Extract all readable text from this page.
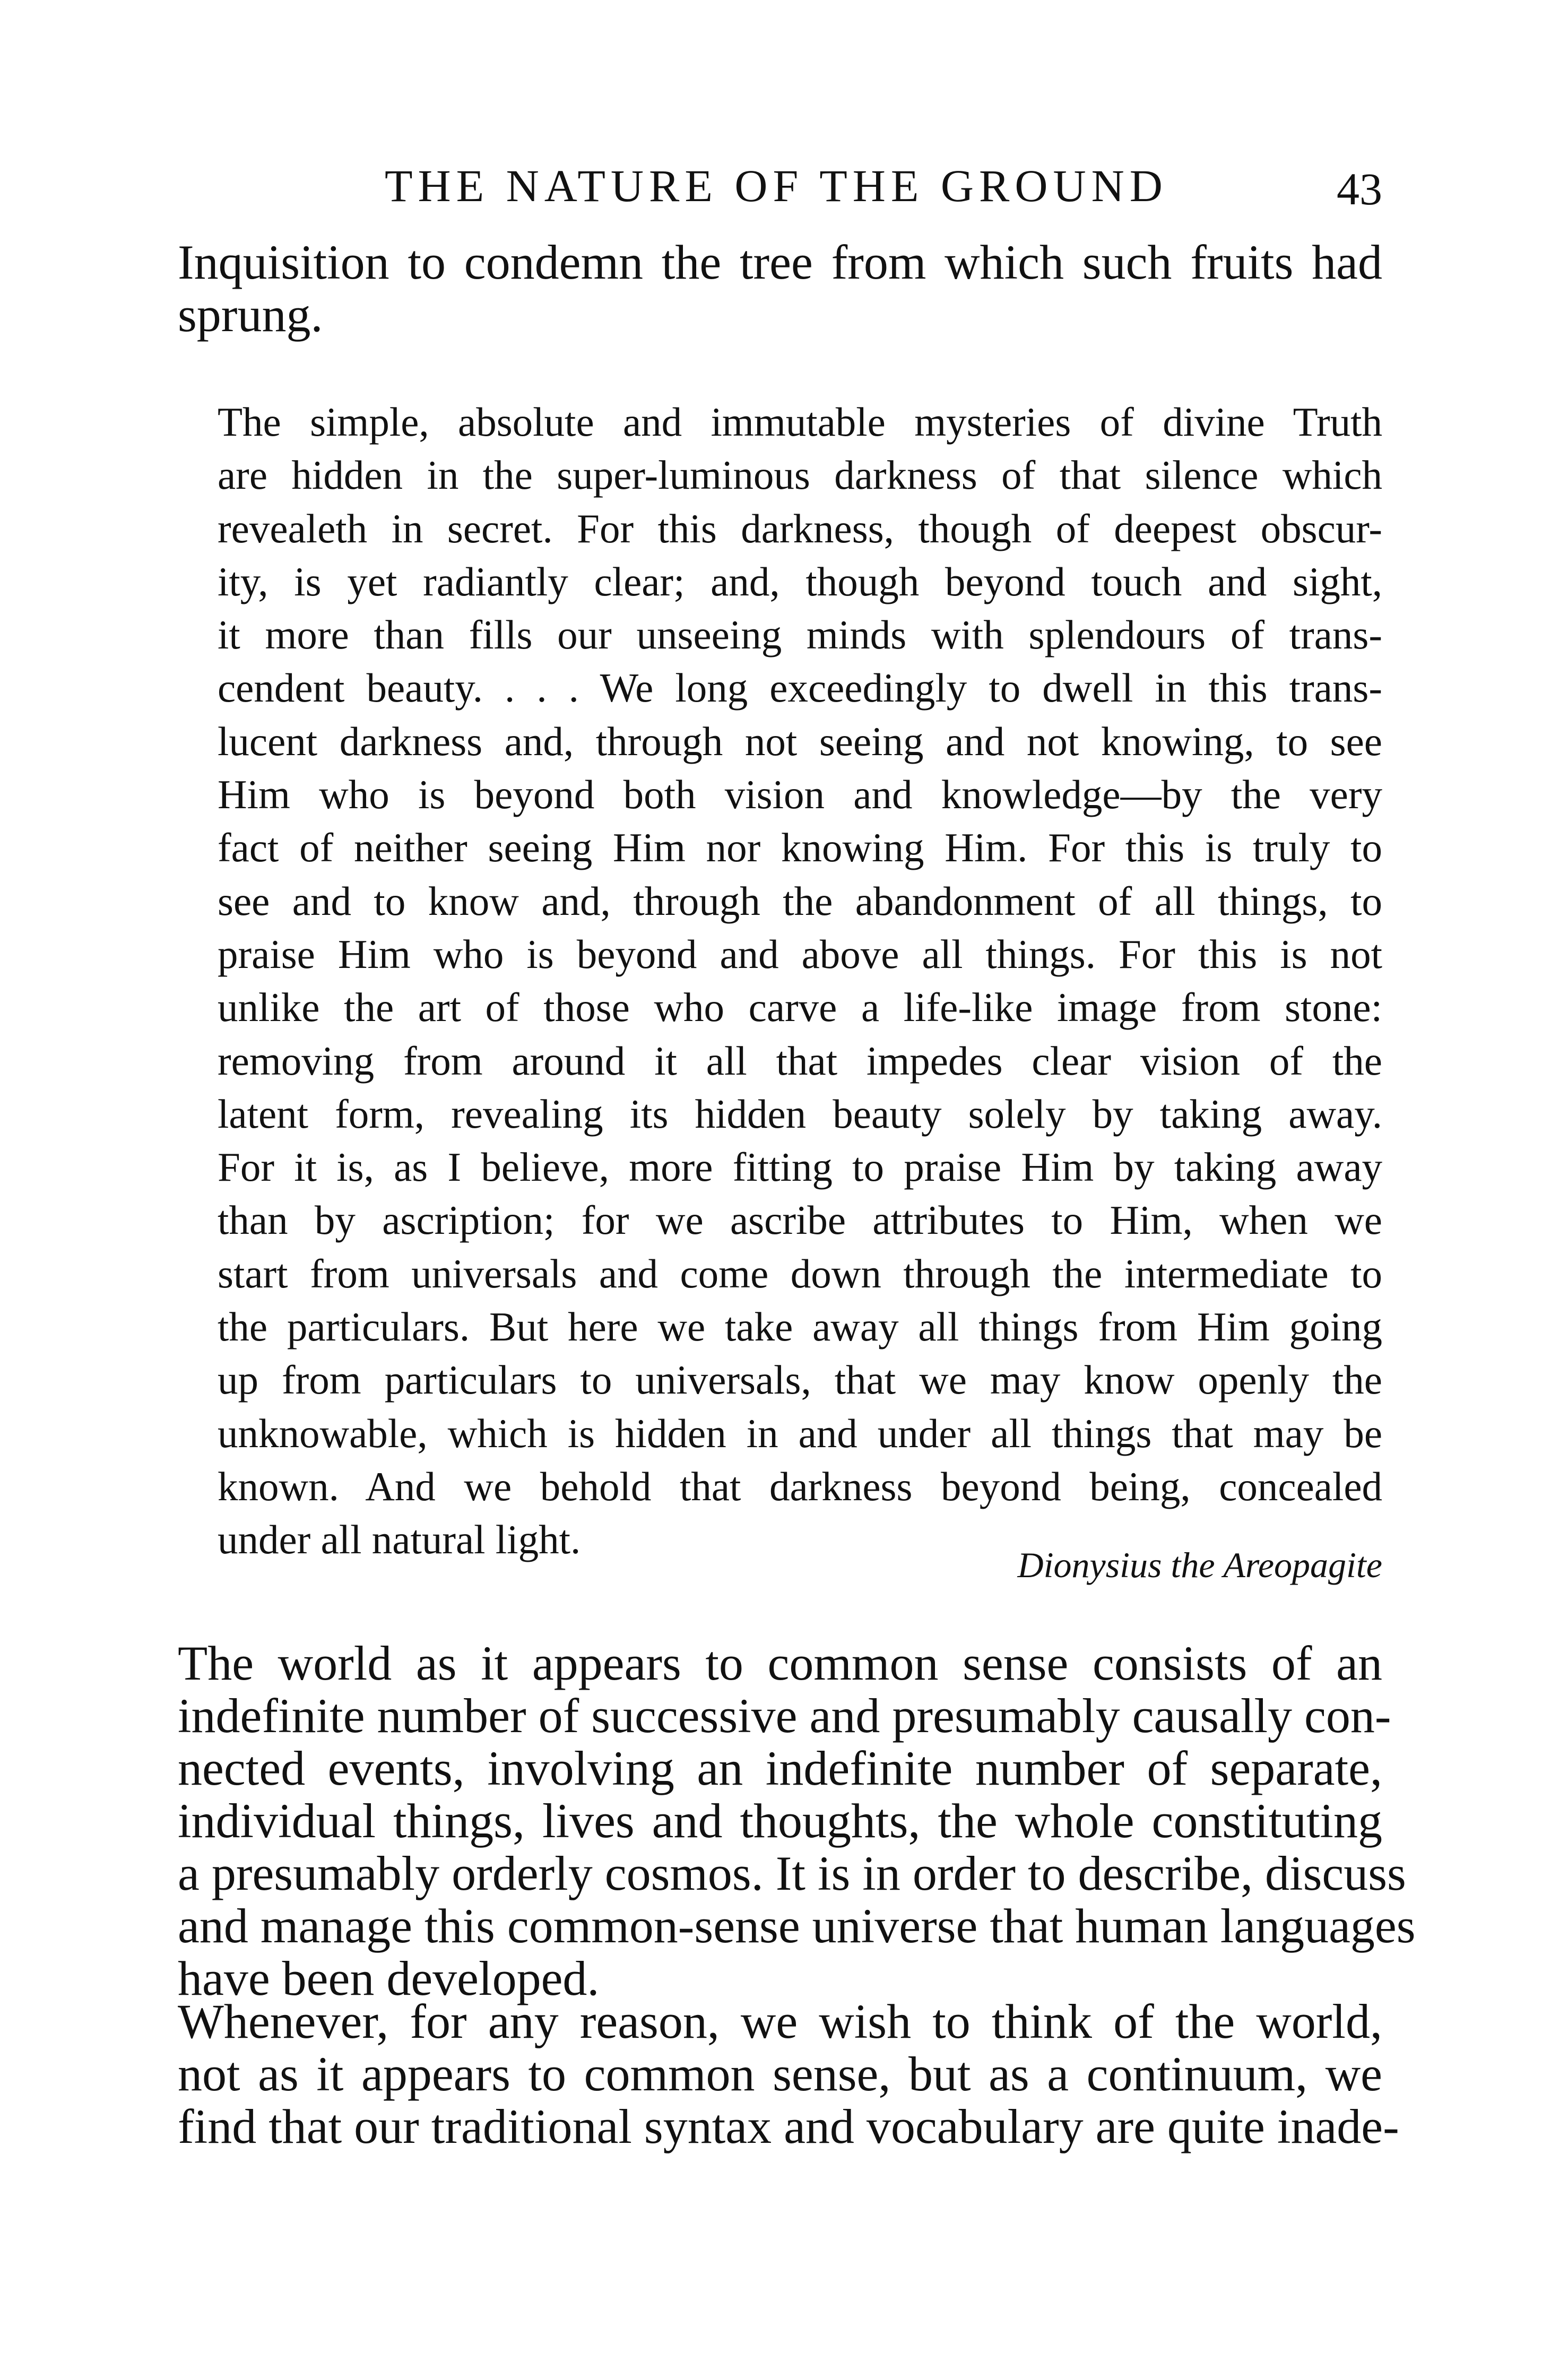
THE NATURE OF THE GROUND	43
Inquisition to condemn the tree from which such fruits had
sprung.
The simple, absolute and immutable mysteries of divine Truth
are hidden in the super-luminous darkness of that silence which
revealeth in secret. For this darkness, though of deepest obscur-
ity, is yet radiantly clear; and, though beyond touch and sight,
it more than fills our unseeing minds with splendours of trans-
cendent beauty. . . . We long exceedingly to dwell in this trans-
lucent darkness and, through not seeing and not knowing, to see
Him who is beyond both vision and knowledge—by the very
fact of neither seeing Him nor knowing Him. For this is truly to
see and to know and, through the abandonment of all things, to
praise Him who is beyond and above all things. For this is not
unlike the art of those who carve a life-like image from stone:
removing from around it all that impedes clear vision of the
latent form, revealing its hidden beauty solely by taking away.
For it is, as I believe, more fitting to praise Him by taking away
than by ascription; for we ascribe attributes to Him, when we
start from universals and come down through the intermediate to
the particulars. But here we take away all things from Him going
up from particulars to universals, that we may know openly the
unknowable, which is hidden in and under all things that may be
known. And we behold that darkness beyond being, concealed
under all natural light.
Dionysius the Areopagite
The world as it appears to common sense consists of an
indefinite number of successive and presumably causally con-
nected events, involving an indefinite number of separate,
individual things, lives and thoughts, the whole constituting
a presumably orderly cosmos. It is in order to describe, discuss
and manage this common-sense universe that human languages
have been developed.
Whenever, for any reason, we wish to think of the world,
not as it appears to common sense, but as a continuum, we
find that our traditional syntax and vocabulary are quite inade-
